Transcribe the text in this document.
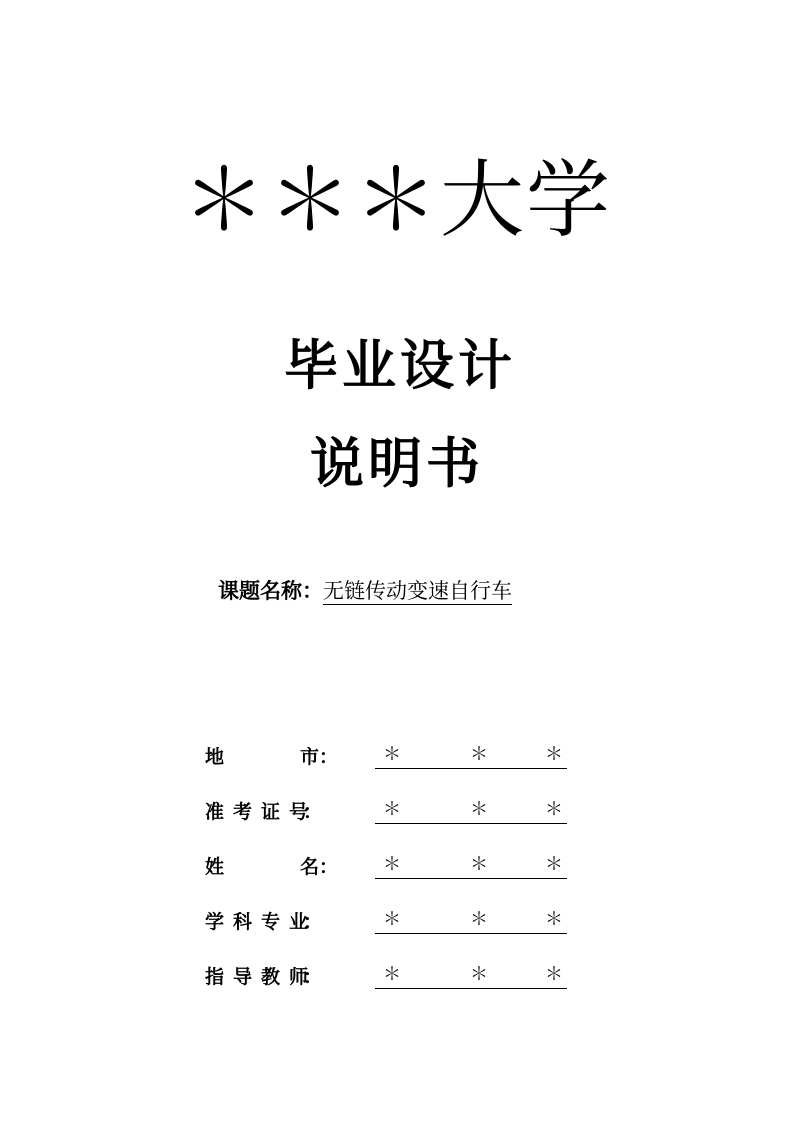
＊＊＊大学
毕业设计
说明书
课题名称：无链传动变速自行车
地　　　　市：	＊	＊	＊
准　考　证　号：	＊	＊	＊
姓　　　　名：	＊	＊	＊
学　科　专　业：	＊	＊	＊
指　导　教　师：	＊	＊	＊
